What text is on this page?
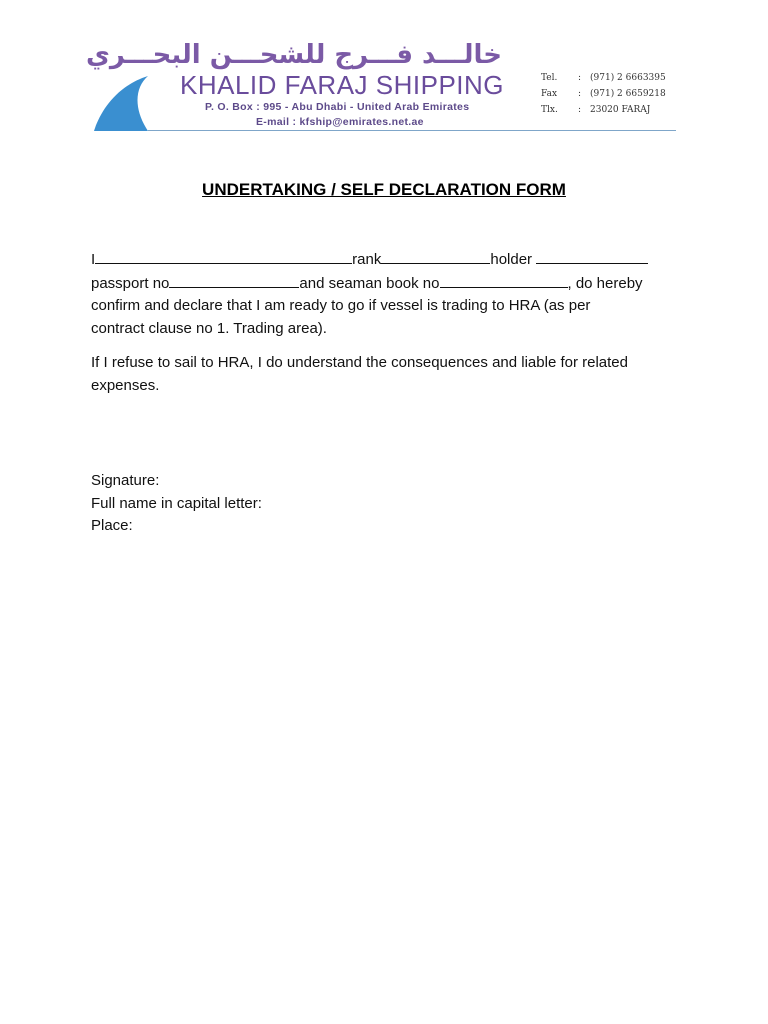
خالـــد فـــرج للشحـــن البحـــري
KHALID FARAJ SHIPPING
P. O. Box : 995 - Abu Dhabi - United Arab Emirates
E-mail : kfship@emirates.net.ae
Tel.	: (971) 2 6663395
Fax	: (971) 2 6659218
Tlx.	: 23020 FARAJ
UNDERTAKING / SELF DECLARATION FORM
I	rank	holder
passport no	and seaman book no	, do hereby
confirm and declare that I am ready to go if vessel is trading to HRA (as per
contract clause no 1. Trading area).
If I refuse to sail to HRA, I do understand the consequences and liable for related
expenses.
Signature:
Full name in capital letter:
Place:
